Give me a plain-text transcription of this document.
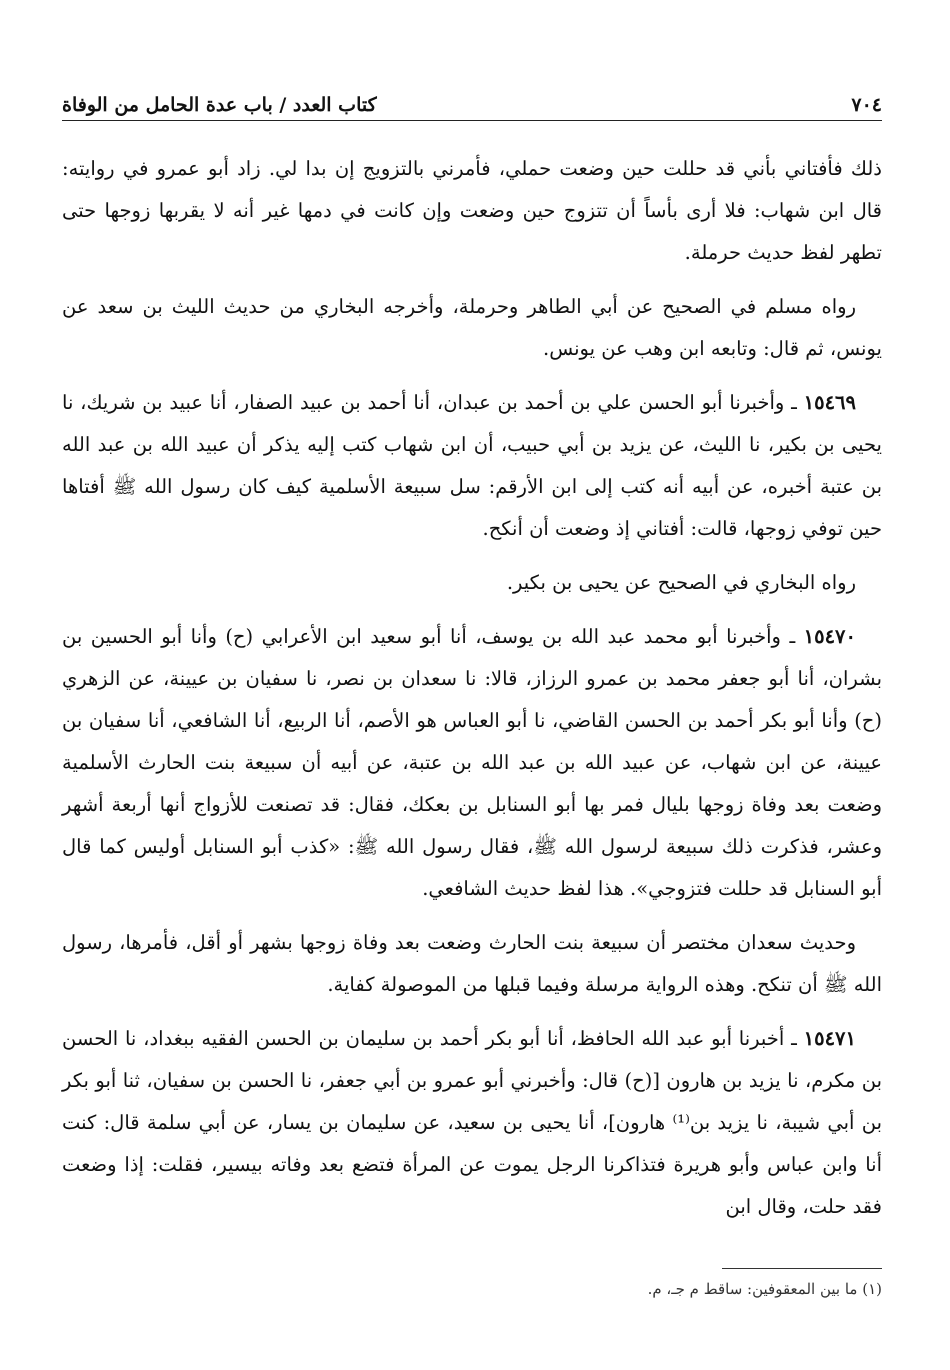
٧٠٤
كتاب العدد / باب عدة الحامل من الوفاة

ذلك فأفتاني بأني قد حللت حين وضعت حملي، فأمرني بالتزويج إن بدا لي. زاد أبو عمرو في روايته: قال ابن شهاب: فلا أرى بأساً أن تتزوج حين وضعت وإن كانت في دمها غير أنه لا يقربها زوجها حتى تطهر لفظ حديث حرملة.

رواه مسلم في الصحيح عن أبي الطاهر وحرملة، وأخرجه البخاري من حديث الليث بن سعد عن يونس، ثم قال: وتابعه ابن وهب عن يونس.

١٥٤٦٩ ـ وأخبرنا أبو الحسن علي بن أحمد بن عبدان، أنا أحمد بن عبيد الصفار، أنا عبيد بن شريك، نا يحيى بن بكير، نا الليث، عن يزيد بن أبي حبيب، أن ابن شهاب كتب إليه يذكر أن عبيد الله بن عبد الله بن عتبة أخبره، عن أبيه أنه كتب إلى ابن الأرقم: سل سبيعة الأسلمية كيف كان رسول الله ﷺ أفتاها حين توفي زوجها، قالت: أفتاني إذ وضعت أن أنكح.

رواه البخاري في الصحيح عن يحيى بن بكير.

١٥٤٧٠ ـ وأخبرنا أبو محمد عبد الله بن يوسف، أنا أبو سعيد ابن الأعرابي (ح) وأنا أبو الحسين بن بشران، أنا أبو جعفر محمد بن عمرو الرزاز، قالا: نا سعدان بن نصر، نا سفيان بن عيينة، عن الزهري (ح) وأنا أبو بكر أحمد بن الحسن القاضي، نا أبو العباس هو الأصم، أنا الربيع، أنا الشافعي، أنا سفيان بن عيينة، عن ابن شهاب، عن عبيد الله بن عبد الله بن عتبة، عن أبيه أن سبيعة بنت الحارث الأسلمية وضعت بعد وفاة زوجها بليال فمر بها أبو السنابل بن بعكك، فقال: قد تصنعت للأزواج أنها أربعة أشهر وعشر، فذكرت ذلك سبيعة لرسول الله ﷺ، فقال رسول الله ﷺ: «كذب أبو السنابل أوليس كما قال أبو السنابل قد حللت فتزوجي». هذا لفظ حديث الشافعي.

وحديث سعدان مختصر أن سبيعة بنت الحارث وضعت بعد وفاة زوجها بشهر أو أقل، فأمرها، رسول الله ﷺ أن تنكح. وهذه الرواية مرسلة وفيما قبلها من الموصولة كفاية.

١٥٤٧١ ـ أخبرنا أبو عبد الله الحافظ، أنا أبو بكر أحمد بن سليمان بن الحسن الفقيه ببغداد، نا الحسن بن مكرم، نا يزيد بن هارون [(ح) قال: وأخبرني أبو عمرو بن أبي جعفر، نا الحسن بن سفيان، ثنا أبو بكر بن أبي شيبة، نا يزيد بن⁽¹⁾ هارون]، أنا يحيى بن سعيد، عن سليمان بن يسار، عن أبي سلمة قال: كنت أنا وابن عباس وأبو هريرة فتذاكرنا الرجل يموت عن المرأة فتضع بعد وفاته بيسير، فقلت: إذا وضعت فقد حلت، وقال ابن

(١) ما بين المعقوفين: ساقط م جـ، م.
